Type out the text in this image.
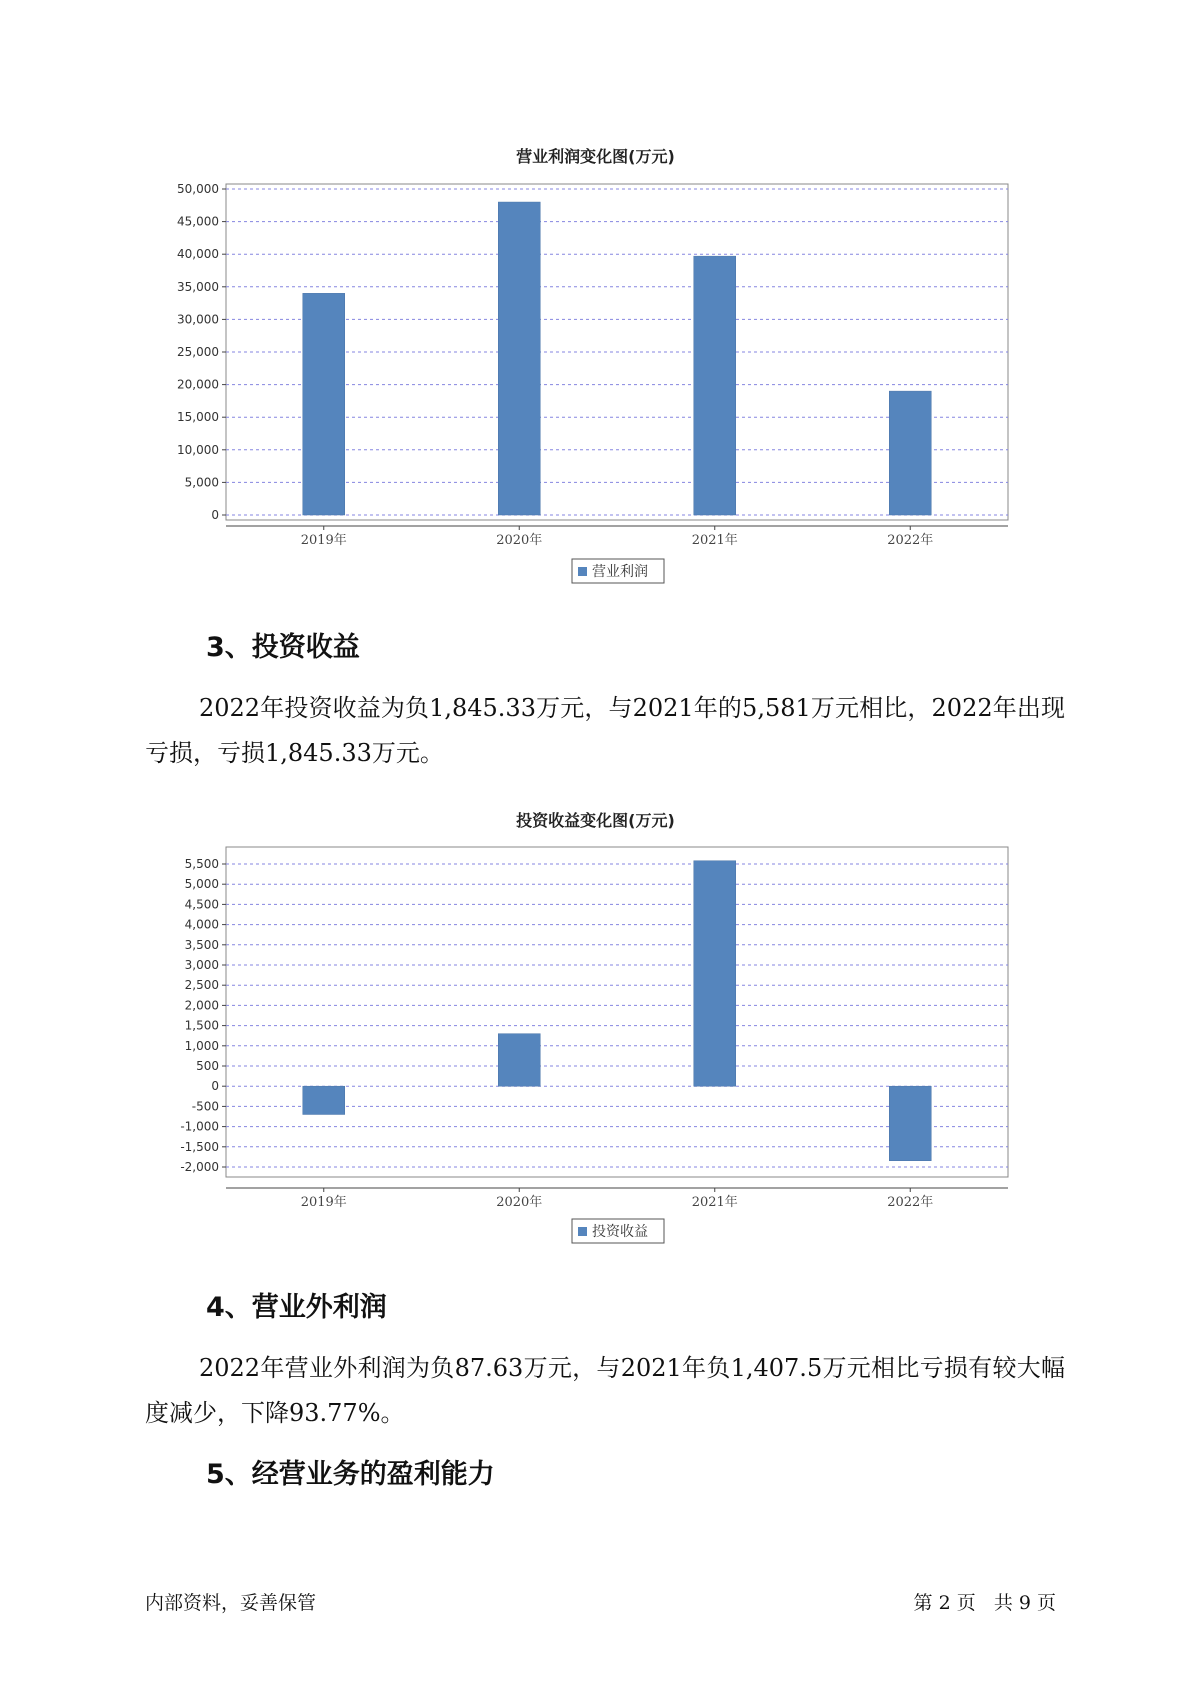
营业利润变化图(万元)
0
5,000
10,000
15,000
20,000
25,000
30,000
35,000
40,000
45,000
50,000
2019年	2020年	2021年	2022年
营业利润
3、投资收益

2022年投资收益为负1,845.33万元，与2021年的5,581万元相比，2022年出现亏损，亏损1,845.33万元。

投资收益变化图(万元)
-2,000
-1,500
-1,000
-500
0
500
1,000
1,500
2,000
2,500
3,000
3,500
4,000
4,500
5,000
5,500
2019年	2020年	2021年	2022年
投资收益
4、营业外利润

2022年营业外利润为负87.63万元，与2021年负1,407.5万元相比亏损有较大幅度减少，下降93.77%。

5、经营业务的盈利能力
内部资料，妥善保管	第 2 页   共 9 页
